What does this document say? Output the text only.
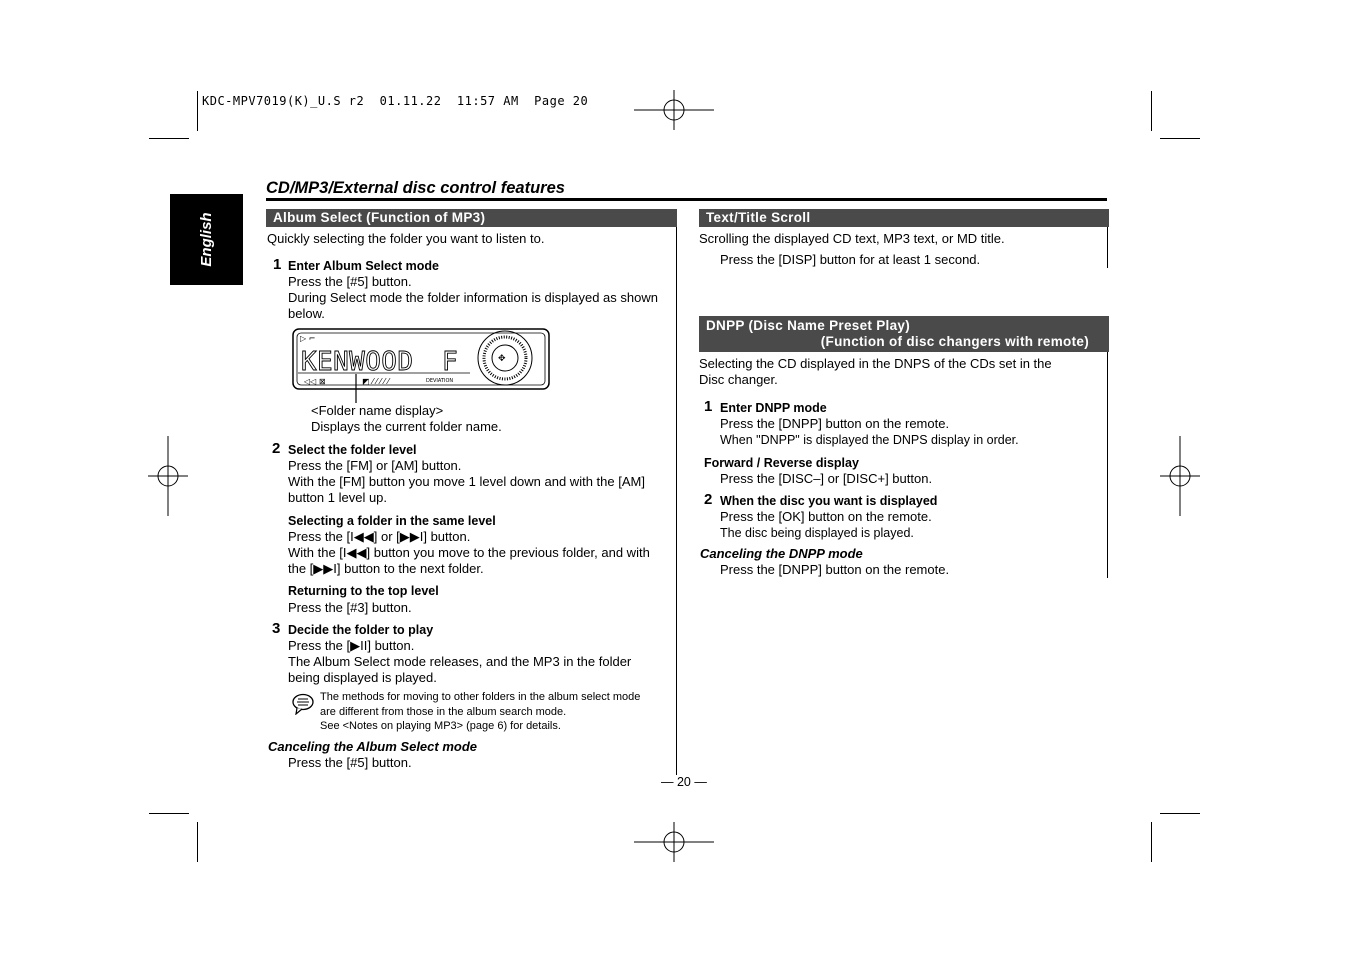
KDC-MPV7019(K)_U.S r2  01.11.22  11:57 AM  Page 20
English
CD/MP3/External disc control features
Album Select (Function of MP3)
Quickly selecting the folder you want to listen to.
1 Enter Album Select mode
Press the [#5] button.
During Select mode the folder information is displayed as shown
below.
▷ ⌐
KENWOOD F
◁◁ ⊠	◩ ⁄ ⁄ ⁄ ⁄ ⁄	DEVIATION
✥
<Folder name display>
Displays the current folder name.
2 Select the folder level
Press the [FM] or [AM] button.
With the [FM] button you move 1 level down and with the [AM]
button 1 level up.
Selecting a folder in the same level
Press the [I◀◀] or [▶▶I] button.
With the [I◀◀] button you move to the previous folder, and with
the [▶▶I] button to the next folder.
Returning to the top level
Press the [#3] button.
3 Decide the folder to play
Press the [▶II] button.
The Album Select mode releases, and the MP3 in the folder
being displayed is played.
The methods for moving to other folders in the album select mode
are different from those in the album search mode.
See <Notes on playing MP3> (page 6) for details.
Canceling the Album Select mode
Press the [#5] button.
— 20 —
Text/Title Scroll
Scrolling the displayed CD text, MP3 text, or MD title.
Press the [DISP] button for at least 1 second.
DNPP (Disc Name Preset Play)
(Function of disc changers with remote)
Selecting the CD displayed in the DNPS of the CDs set in the
Disc changer.
1 Enter DNPP mode
Press the [DNPP] button on the remote.
When "DNPP" is displayed the DNPS display in order.
Forward / Reverse display
Press the [DISC–] or [DISC+] button.
2 When the disc you want is displayed
Press the [OK] button on the remote.
The disc being displayed is played.
Canceling the DNPP mode
Press the [DNPP] button on the remote.
